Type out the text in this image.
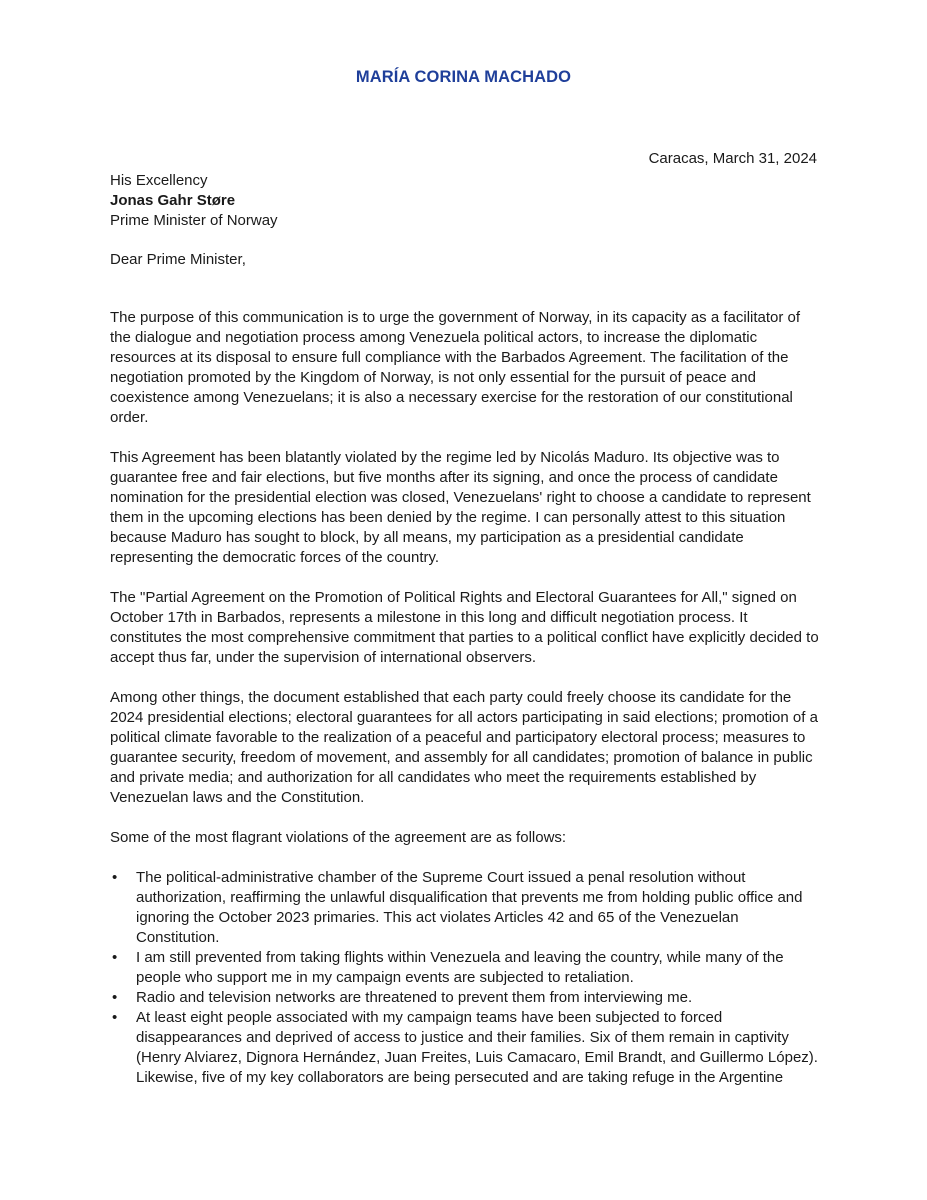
MARÍA CORINA MACHADO
Caracas, March 31, 2024
His Excellency
Jonas Gahr Støre
Prime Minister of Norway
Dear Prime Minister,

The purpose of this communication is to urge the government of Norway, in its capacity as a facilitator of the dialogue and negotiation process among Venezuela political actors, to increase the diplomatic resources at its disposal to ensure full compliance with the Barbados Agreement. The facilitation of the negotiation promoted by the Kingdom of Norway, is not only essential for the pursuit of peace and coexistence among Venezuelans; it is also a necessary exercise for the restoration of our constitutional order.

This Agreement has been blatantly violated by the regime led by Nicolás Maduro. Its objective was to guarantee free and fair elections, but five months after its signing, and once the process of candidate nomination for the presidential election was closed, Venezuelans' right to choose a candidate to represent them in the upcoming elections has been denied by the regime. I can personally attest to this situation because Maduro has sought to block, by all means, my participation as a presidential candidate representing the democratic forces of the country.

The "Partial Agreement on the Promotion of Political Rights and Electoral Guarantees for All," signed on October 17th in Barbados, represents a milestone in this long and difficult negotiation process. It constitutes the most comprehensive commitment that parties to a political conflict have explicitly decided to accept thus far, under the supervision of international observers.

Among other things, the document established that each party could freely choose its candidate for the 2024 presidential elections; electoral guarantees for all actors participating in said elections; promotion of a political climate favorable to the realization of a peaceful and participatory electoral process; measures to guarantee security, freedom of movement, and assembly for all candidates; promotion of balance in public and private media; and authorization for all candidates who meet the requirements established by Venezuelan laws and the Constitution.

Some of the most flagrant violations of the agreement are as follows:

• The political-administrative chamber of the Supreme Court issued a penal resolution without authorization, reaffirming the unlawful disqualification that prevents me from holding public office and ignoring the October 2023 primaries. This act violates Articles 42 and 65 of the Venezuelan Constitution.
• I am still prevented from taking flights within Venezuela and leaving the country, while many of the people who support me in my campaign events are subjected to retaliation.
• Radio and television networks are threatened to prevent them from interviewing me.
• At least eight people associated with my campaign teams have been subjected to forced disappearances and deprived of access to justice and their families. Six of them remain in captivity (Henry Alviarez, Dignora Hernández, Juan Freites, Luis Camacaro, Emil Brandt, and Guillermo López). Likewise, five of my key collaborators are being persecuted and are taking refuge in the Argentine
